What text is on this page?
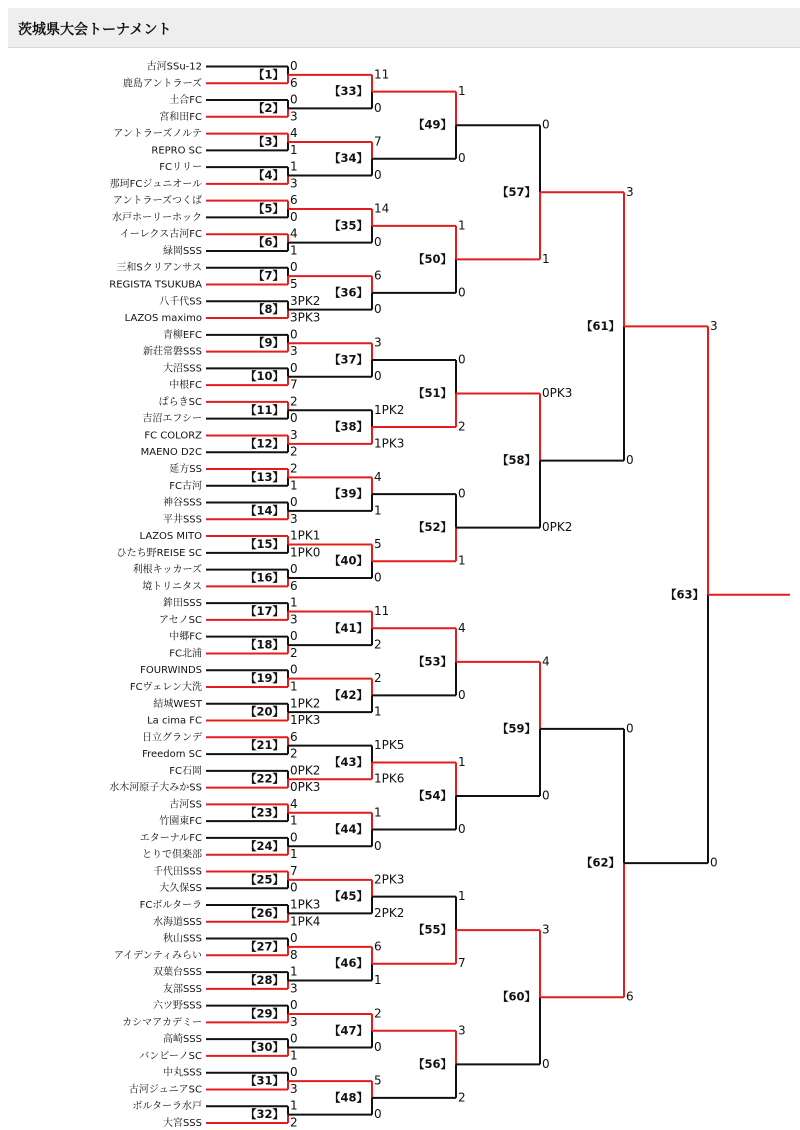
茨城県大会トーナメント
古河SSu-12
鹿島アントラーズ
土合FC
宮和田FC
アントラーズノルテ
REPRO SC
FCリリー
那珂FCジュニオール
アントラーズつくば
水戸ホーリーホック
イーレクス古河FC
緑岡SSS
三和Sクリアンサス
REGISTA TSUKUBA
八千代SS
LAZOS maximo
青柳EFC
新荘常磐SSS
大沼SSS
中根FC
ぱらきSC
吉沼エフシー
FC COLORZ
MAENO D2C
延方SS
FC古河
神谷SSS
平井SSS
LAZOS MITO
ひたち野REISE SC
利根キッカーズ
境トリニタス
鉾田SSS
アセノSC
中郷FC
FC北浦
FOURWINDS
FCヴェレン大洗
結城WEST
La cima FC
日立グランデ
Freedom SC
FC石岡
水木河原子大みかSS
古河SS
竹園東FC
エターナルFC
とりで倶楽部
千代田SSS
大久保SS
FCボルターラ
水海道SSS
秋山SSS
アイデンティみらい
双葉台SSS
友部SSS
六ツ野SSS
カシマアカデミー
高崎SSS
バンビーノSC
中丸SSS
古河ジュニアSC
ボルターラ水戸
大宮SSS
0
6
【1】
0
3
【2】
4
1
【3】
1
3
【4】
6
0
【5】
4
1
【6】
0
5
【7】
3PK2
3PK3
【8】
0
3
【9】
0
7
【10】
2
0
【11】
3
2
【12】
2
1
【13】
0
3
【14】
1PK1
1PK0
【15】
0
6
【16】
1
3
【17】
0
2
【18】
0
1
【19】
1PK2
1PK3
【20】
6
2
【21】
0PK2
0PK3
【22】
4
1
【23】
0
1
【24】
7
0
【25】
1PK3
1PK4
【26】
0
8
【27】
1
3
【28】
0
3
【29】
0
1
【30】
0
3
【31】
1
2
【32】
11
0
【33】
7
0
【34】
14
0
【35】
6
0
【36】
3
0
【37】
1PK2
1PK3
【38】
4
1
【39】
5
0
【40】
11
2
【41】
2
1
【42】
1PK5
1PK6
【43】
1
0
【44】
2PK3
2PK2
【45】
6
1
【46】
2
0
【47】
5
0
【48】
1
0
【49】
1
0
【50】
0
2
【51】
0
1
【52】
4
0
【53】
1
0
【54】
1
7
【55】
3
2
【56】
0
1
【57】
0PK3
0PK2
【58】
4
0
【59】
3
0
【60】
3
0
【61】
0
6
【62】
3
0
【63】
